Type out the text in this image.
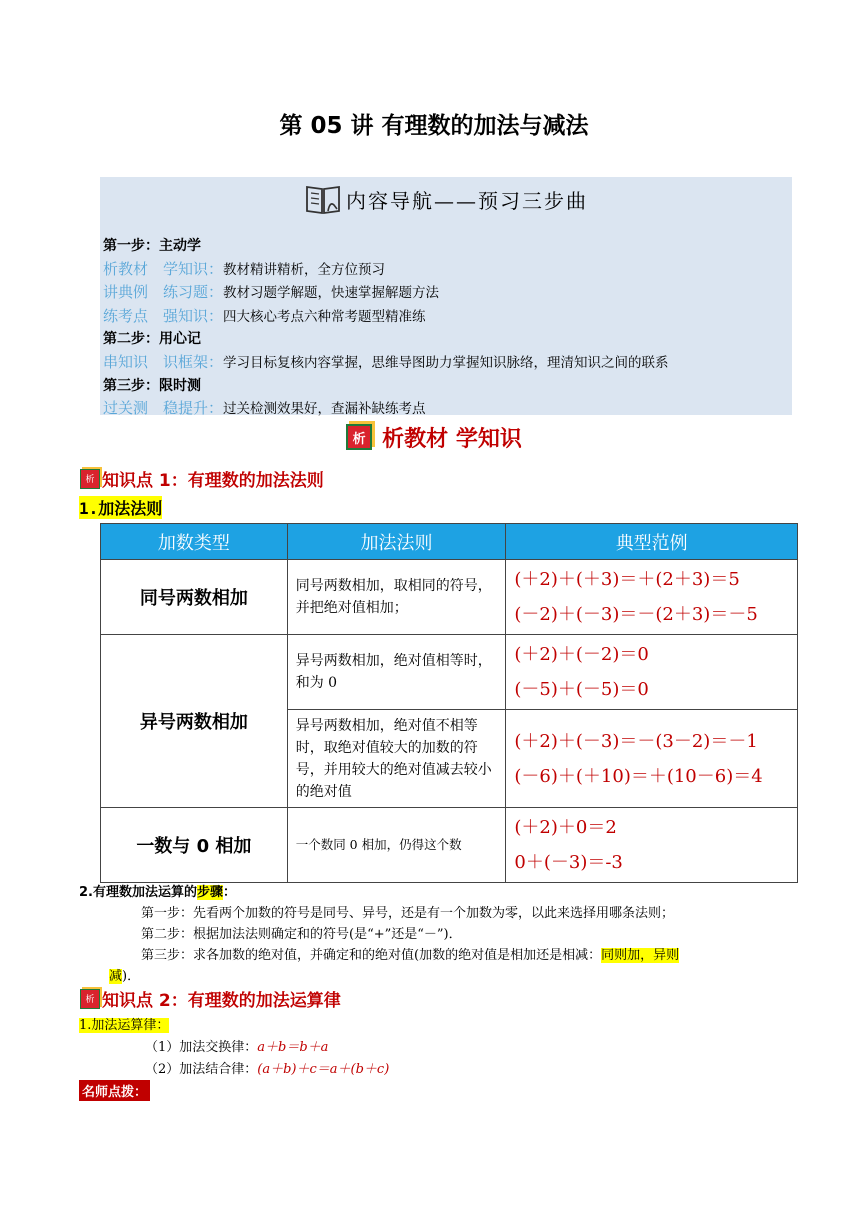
第 05 讲 有理数的加法与减法
内容导航——预习三步曲
第一步：主动学
析教材　学知识：教材精讲精析，全方位预习
讲典例　练习题：教材习题学解题，快速掌握解题方法
练考点　强知识：四大核心考点六种常考题型精准练
第二步：用心记
串知识　识框架：学习目标复核内容掌握，思维导图助力掌握知识脉络，理清知识之间的联系
第三步：限时测
过关测　稳提升：过关检测效果好，查漏补缺练考点
析 析教材 学知识
析 知识点 1：有理数的加法法则
1.加法法则
加数类型	加法法则	典型范例
同号两数相加	同号两数相加，取相同的符号，并把绝对值相加；	(＋2)＋(＋3)＝＋(2＋3)＝5
(－2)＋(－3)＝－(2＋3)＝－5

异号两数相加	异号两数相加，绝对值相等时，和为 0	(＋2)＋(－2)＝0
(－5)＋(－5)＝0

	异号两数相加，绝对值不相等时，取绝对值较大的加数的符号，并用较大的绝对值减去较小的绝对值	(＋2)＋(－3)＝－(3－2)＝－1
(－6)＋(＋10)＝＋(10－6)＝4

一数与 0 相加	一个数同 0 相加，仍得这个数	(＋2)＋0＝2
0＋(－3)＝-3
2.有理数加法运算的步骤：
第一步：先看两个加数的符号是同号、异号，还是有一个加数为零，以此来选择用哪条法则；
第二步：根据加法法则确定和的符号(是“+”还是“－”)．
第三步：求各加数的绝对值，并确定和的绝对值(加数的绝对值是相加还是相减：同则加，异则
减)．
析 知识点 2：有理数的加法运算律
1.加法运算律：
（1）加法交换律：a＋b＝b＋a
（2）加法结合律：(a＋b)＋c＝a＋(b＋c)
名师点拨：
